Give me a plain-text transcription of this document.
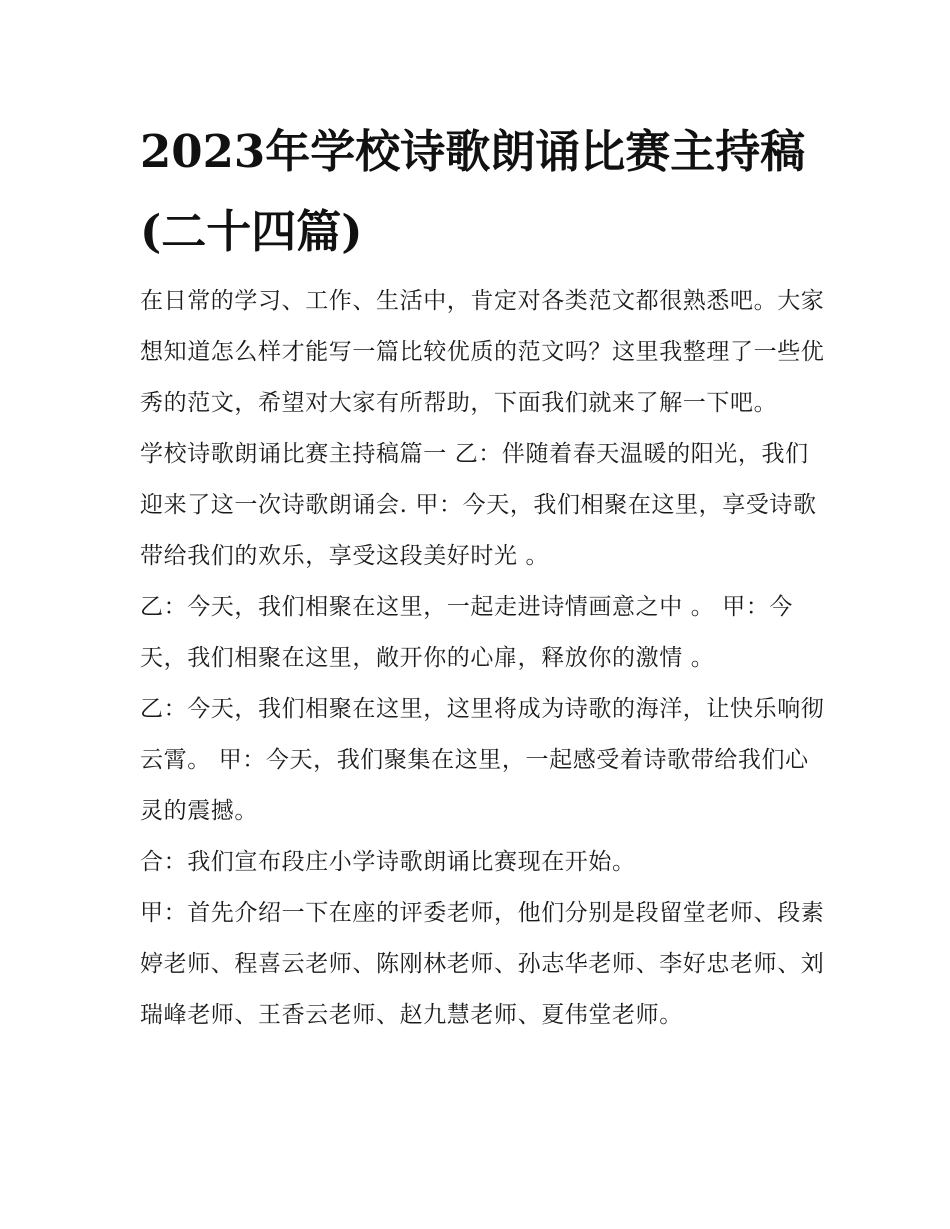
2023年学校诗歌朗诵比赛主持稿(二十四篇)

在日常的学习、工作、生活中，肯定对各类范文都很熟悉吧。大家想知道怎么样才能写一篇比较优质的范文吗？这里我整理了一些优秀的范文，希望对大家有所帮助，下面我们就来了解一下吧。

学校诗歌朗诵比赛主持稿篇一 乙：伴随着春天温暖的阳光，我们迎来了这一次诗歌朗诵会. 甲：今天，我们相聚在这里，享受诗歌带给我们的欢乐，享受这段美好时光 。

乙：今天，我们相聚在这里，一起走进诗情画意之中 。 甲：今天，我们相聚在这里，敞开你的心扉，释放你的激情 。

乙：今天，我们相聚在这里，这里将成为诗歌的海洋，让快乐响彻云霄。 甲：今天，我们聚集在这里，一起感受着诗歌带给我们心灵的震撼。

合：我们宣布段庄小学诗歌朗诵比赛现在开始。

甲：首先介绍一下在座的评委老师，他们分别是段留堂老师、段素婷老师、程喜云老师、陈刚林老师、孙志华老师、李好忠老师、刘瑞峰老师、王香云老师、赵九慧老师、夏伟堂老师。
